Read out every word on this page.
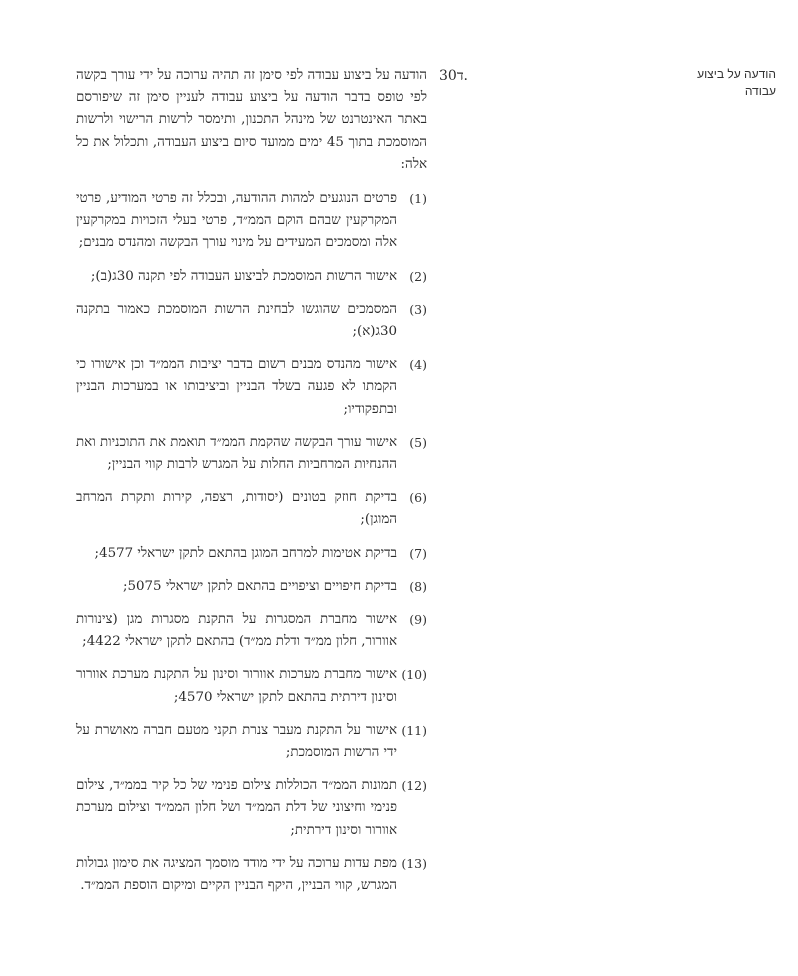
הודעה על ביצוע עבודה
30ד.

הודעה על ביצוע עבודה לפי סימן זה תהיה ערוכה על ידי עורך בקשה לפי טופס בדבר הודעה על ביצוע עבודה לעניין סימן זה שיפורסם באתר האינטרנט של מינהל התכנון, ותימסר לרשות הרישוי ולרשות המוסמכת בתוך 45 ימים ממועד סיום ביצוע העבודה, ותכלול את כל אלה:

(1)
פרטים הנוגעים למהות ההודעה, ובכלל זה פרטי המודיע, פרטי המקרקעין שבהם הוקם הממ״ד, פרטי בעלי הזכויות במקרקעין אלה ומסמכים המעידים על מינוי עורך הבקשה ומהנדס מבנים;
(2)
אישור הרשות המוסמכת לביצוע העבודה לפי תקנה 30ג(ב);
(3)
המסמכים שהוגשו לבחינת הרשות המוסמכת כאמור בתקנה 30ג(א);
(4)
אישור מהנדס מבנים רשום בדבר יציבות הממ״ד וכן אישורו כי הקמתו לא פגעה בשלד הבניין וביציבותו או במערכות הבניין ובתפקודיו;
(5)
אישור עורך הבקשה שהקמת הממ״ד תואמת את התוכניות ואת ההנחיות המרחביות החלות על המגרש לרבות קווי הבניין;
(6)
בדיקת חוזק בטונים (יסודות, רצפה, קירות ותקרת המרחב המוגן);
(7)
בדיקת אטימות למרחב המוגן בהתאם לתקן ישראלי 4577;
(8)
בדיקת חיפויים וציפויים בהתאם לתקן ישראלי 5075;
(9)
אישור מחברת המסגרות על התקנת מסגרות מגן (צינורות אוורור, חלון ממ״ד ודלת ממ״ד) בהתאם לתקן ישראלי 4422;
(10)
אישור מחברת מערכות אוורור וסינון על התקנת מערכת אוורור וסינון דירתית בהתאם לתקן ישראלי 4570;
(11)
אישור על התקנת מעבר צנרת תקני מטעם חברה מאושרת על ידי הרשות המוסמכת;
(12)
תמונות הממ״ד הכוללות צילום פנימי של כל קיר בממ״ד, צילום פנימי וחיצוני של דלת הממ״ד ושל חלון הממ״ד וצילום מערכת אוורור וסינון דירתית;
(13)
מפת עדות ערוכה על ידי מודד מוסמך המציגה את סימון גבולות המגרש, קווי הבניין, היקף הבניין הקיים ומיקום הוספת הממ״ד.
